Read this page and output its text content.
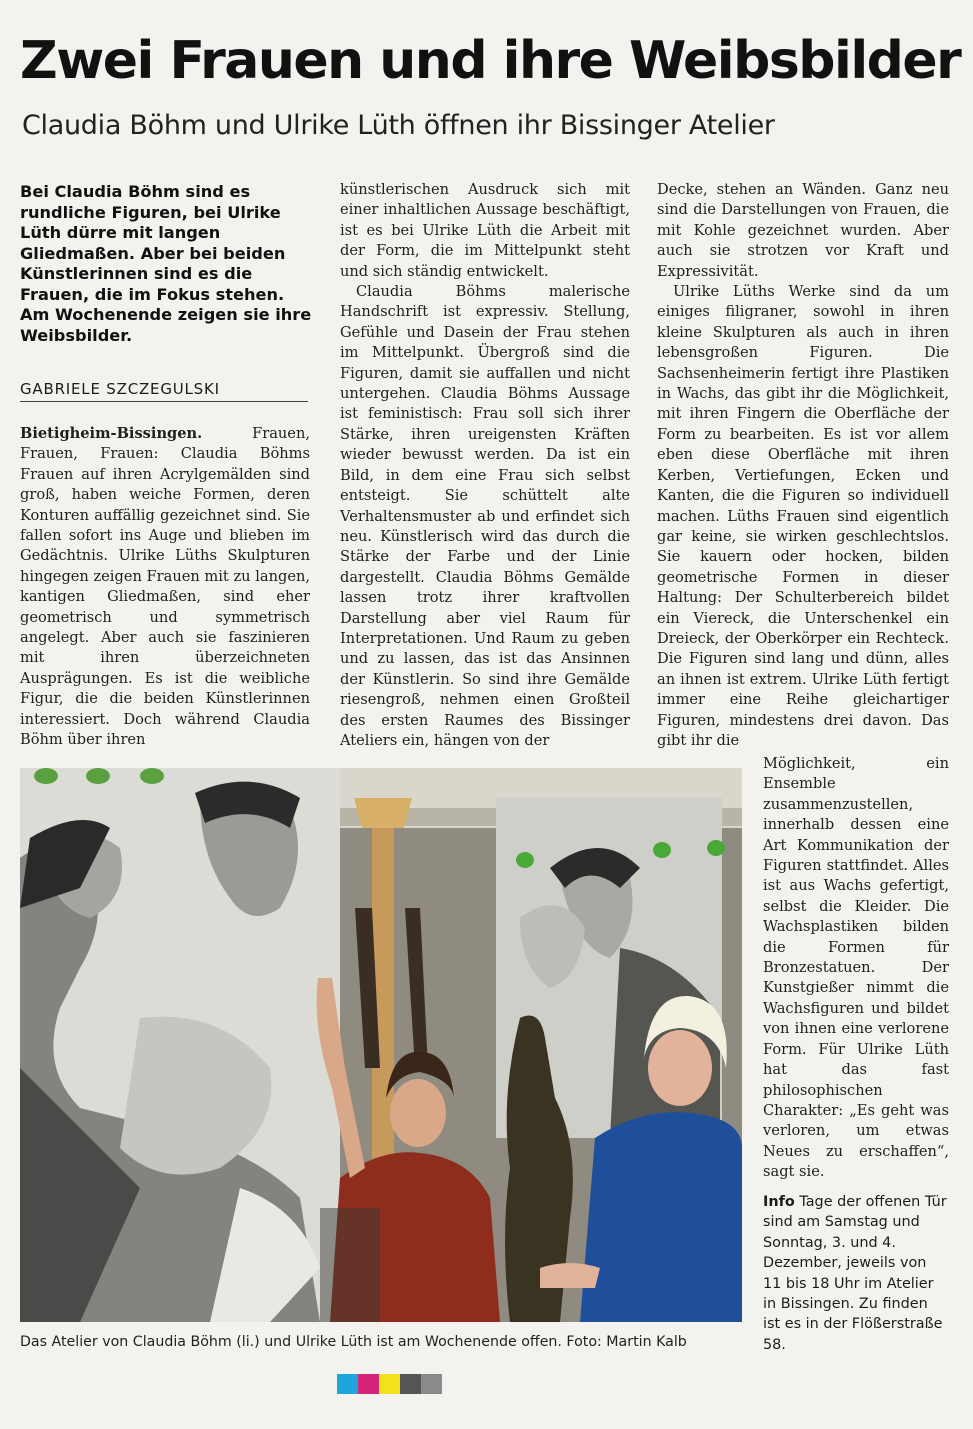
Zwei Frauen und ihre Weibsbilder
Claudia Böhm und Ulrike Lüth öffnen ihr Bissinger Atelier
Bei Claudia Böhm sind es rundliche Figuren, bei Ulrike Lüth dürre mit langen Gliedmaßen. Aber bei beiden Künstlerinnen sind es die Frauen, die im Fokus stehen. Am Wochenende zeigen sie ihre Weibsbilder.
GABRIELE SZCZEGULSKI

Bietigheim-Bissingen.	Frauen, Frauen, Frauen: Claudia Böhms Frauen auf ihren Acrylgemälden sind groß, haben weiche Formen, deren Konturen auffällig gezeichnet sind. Sie fallen sofort ins Auge und blieben im Gedächtnis. Ulrike Lüths Skulpturen hingegen zeigen Frauen mit zu langen, kantigen Gliedmaßen, sind eher geometrisch und symmetrisch angelegt. Aber auch sie faszinieren mit ihren überzeichneten Ausprägungen. Es ist die weibliche Figur, die die beiden Künstlerinnen interessiert. Doch während Claudia Böhm über ihren

künstlerischen Ausdruck sich mit einer inhaltlichen Aussage beschäftigt, ist es bei Ulrike Lüth die Arbeit mit der Form, die im Mittelpunkt steht und sich ständig entwickelt.

Claudia Böhms malerische Handschrift ist expressiv. Stellung, Gefühle und Dasein der Frau stehen im Mittelpunkt. Übergroß sind die Figuren, damit sie auffallen und nicht untergehen. Claudia Böhms Aussage ist feministisch: Frau soll sich ihrer Stärke, ihren ureigensten Kräften wieder bewusst werden. Da ist ein Bild, in dem eine Frau sich selbst entsteigt. Sie schüttelt alte Verhaltensmuster ab und erfindet sich neu. Künstlerisch wird das durch die Stärke der Farbe und der Linie dargestellt. Claudia Böhms Gemälde lassen trotz ihrer kraftvollen Darstellung aber viel Raum für Interpretationen. Und Raum zu geben und zu lassen, das ist das Ansinnen der Künstlerin. So sind ihre Gemälde riesengroß, nehmen einen Großteil des ersten Raumes des Bissinger Ateliers ein, hängen von der

Decke, stehen an Wänden. Ganz neu sind die Darstellungen von Frauen, die mit Kohle gezeichnet wurden. Aber auch sie strotzen vor Kraft und Expressivität.

Ulrike Lüths Werke sind da um einiges filigraner, sowohl in ihren kleine Skulpturen als auch in ihren lebensgroßen Figuren. Die Sachsenheimerin fertigt ihre Plastiken in Wachs, das gibt ihr die Möglichkeit, mit ihren Fingern die Oberfläche der Form zu bearbeiten. Es ist vor allem eben diese Oberfläche mit ihren Kerben, Vertiefungen, Ecken und Kanten, die die Figuren so individuell machen. Lüths Frauen sind eigentlich gar keine, sie wirken geschlechtslos. Sie kauern oder hocken, bilden geometrische Formen in dieser Haltung: Der Schulterbereich bildet ein Viereck, die Unterschenkel ein Dreieck, der Oberkörper ein Rechteck. Die Figuren sind lang und dünn, alles an ihnen ist extrem. Ulrike Lüth fertigt immer eine Reihe gleichartiger Figuren, mindestens drei davon. Das gibt ihr die

Möglichkeit, ein Ensemble zusammenzustellen, innerhalb dessen eine Art Kommunikation der Figuren stattfindet. Alles ist aus Wachs gefertigt, selbst die Kleider. Die Wachsplastiken bilden die Formen für Bronzestatuen. Der Kunstgießer nimmt die Wachsfiguren und bildet von ihnen eine verlorene Form. Für Ulrike Lüth hat das fast philosophischen Charakter: „Es geht was verloren, um etwas Neues zu erschaffen“, sagt sie.

Info Tage der offenen Tür sind am Samstag und Sonntag, 3. und 4. Dezember, jeweils von 11 bis 18 Uhr im Atelier in Bissingen. Zu finden ist es in der Flößerstraße 58.
Das Atelier von Claudia Böhm (li.) und Ulrike Lüth ist am Wochenende offen. Foto: Martin Kalb
